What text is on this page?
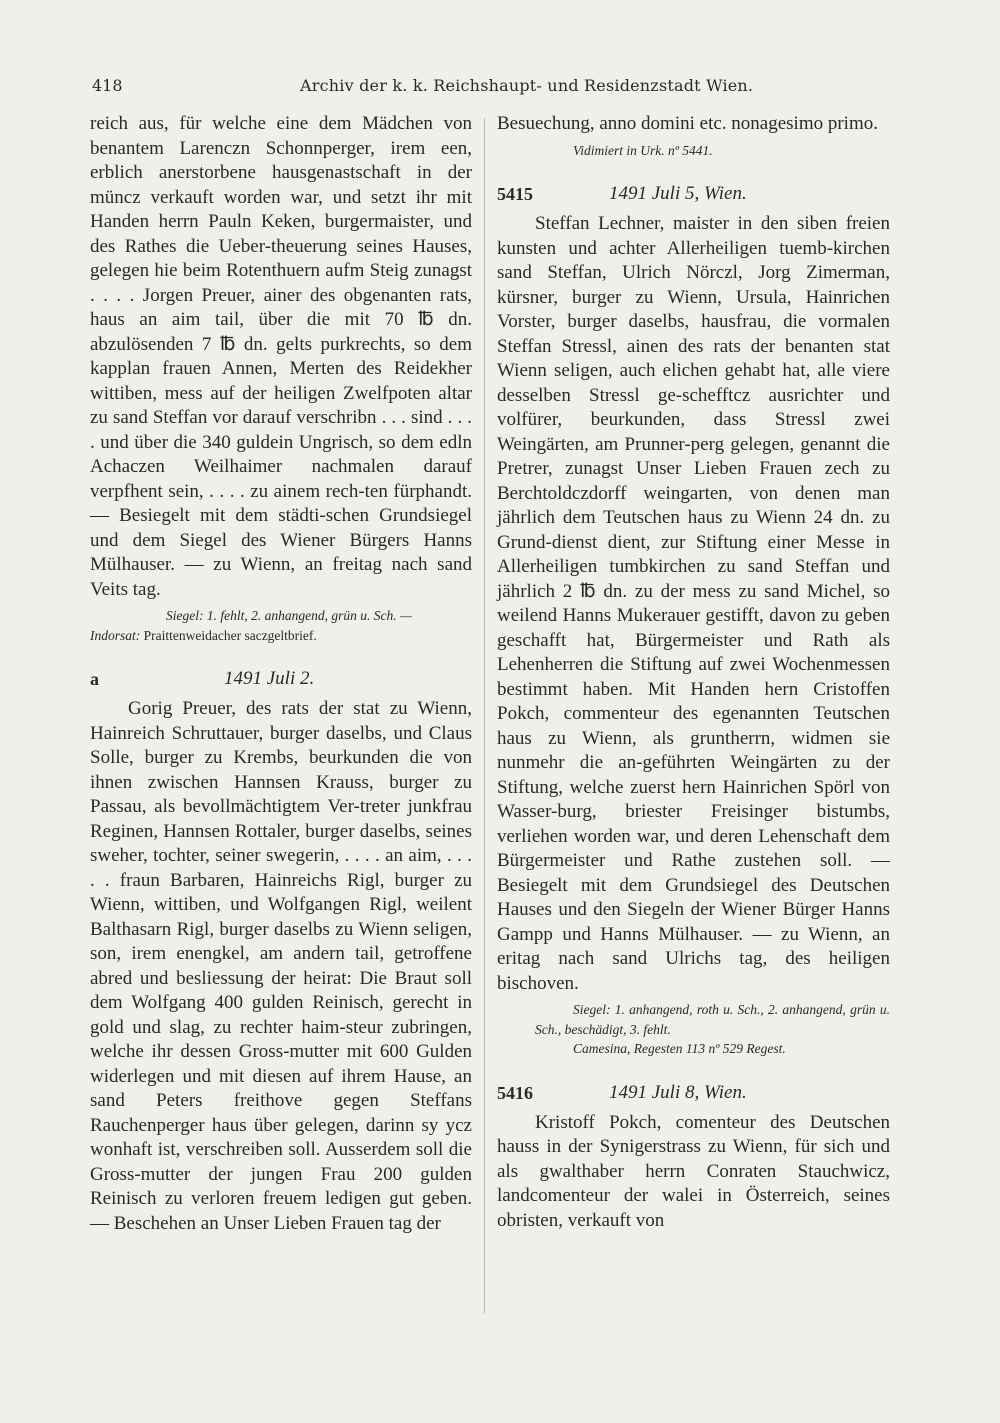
418	Archiv der k. k. Reichshaupt- und Residenzstadt Wien.

reich aus, für welche eine dem Mädchen von benantem Larenczn Schonnperger, irem een, erblich anerstorbene hausgenastschaft in der müncz verkauft worden war, und setzt ihr mit Handen herrn Pauln Keken, burgermaister, und des Rathes die Ueber-theuerung seines Hauses, gelegen hie beim Rotenthuern aufm Steig zunagst . . . . Jorgen Preuer, ainer des obgenanten rats, haus an aim tail, über die mit 70 ℔ dn. abzulösenden 7 ℔ dn. gelts purkrechts, so dem kapplan frauen Annen, Merten des Reidekher wittiben, mess auf der heiligen Zwelfpoten altar zu sand Steffan vor darauf verschribn . . . sind . . . . und über die 340 guldein Ungrisch, so dem edln Achaczen Weilhaimer nachmalen darauf verpfhent sein, . . . . zu ainem rech-ten fürphandt. — Besiegelt mit dem städti-schen Grundsiegel und dem Siegel des Wiener Bürgers Hanns Mülhauser. — zu Wienn, an freitag nach sand Veits tag.

Siegel: 1. fehlt, 2. anhangend, grün u. Sch. —

Indorsat: Praittenweidacher saczgeltbrief.

a	1491 Juli 2.

Gorig Preuer, des rats der stat zu Wienn, Hainreich Schruttauer, burger daselbs, und Claus Solle, burger zu Krembs, beurkunden die von ihnen zwischen Hannsen Krauss, burger zu Passau, als bevollmächtigtem Ver-treter junkfrau Reginen, Hannsen Rottaler, burger daselbs, seines sweher, tochter, seiner swegerin, . . . . an aim, . . . . . fraun Barbaren, Hainreichs Rigl, burger zu Wienn, wittiben, und Wolfgangen Rigl, weilent Balthasarn Rigl, burger daselbs zu Wienn seligen, son, irem enengkel, am andern tail, getroffene abred und besliessung der heirat: Die Braut soll dem Wolfgang 400 gulden Reinisch, gerecht in gold und slag, zu rechter haim-steur zubringen, welche ihr dessen Gross-mutter mit 600 Gulden widerlegen und mit diesen auf ihrem Hause, an sand Peters freithove gegen Steffans Rauchenperger haus über gelegen, darinn sy ycz wonhaft ist, verschreiben soll. Ausserdem soll die Gross-mutter der jungen Frau 200 gulden Reinisch zu verloren freuem ledigen gut geben. — Beschehen an Unser Lieben Frauen tag der

Besuechung, anno domini etc. nonagesimo primo.

Vidimiert in Urk. nº 5441.

5415	1491 Juli 5, Wien.

Steffan Lechner, maister in den siben freien kunsten und achter Allerheiligen tuemb-kirchen sand Steffan, Ulrich Nörczl, Jorg Zimerman, kürsner, burger zu Wienn, Ursula, Hainrichen Vorster, burger daselbs, hausfrau, die vormalen Steffan Stressl, ainen des rats der benanten stat Wienn seligen, auch elichen gehabt hat, alle viere desselben Stressl ge-schefftcz ausrichter und volfürer, beurkunden, dass Stressl zwei Weingärten, am Prunner-perg gelegen, genannt die Pretrer, zunagst Unser Lieben Frauen zech zu Berchtoldczdorff weingarten, von denen man jährlich dem Teutschen haus zu Wienn 24 dn. zu Grund-dienst dient, zur Stiftung einer Messe in Allerheiligen tumbkirchen zu sand Steffan und jährlich 2 ℔ dn. zu der mess zu sand Michel, so weilend Hanns Mukerauer gestifft, davon zu geben geschafft hat, Bürgermeister und Rath als Lehenherren die Stiftung auf zwei Wochenmessen bestimmt haben. Mit Handen hern Cristoffen Pokch, commenteur des egenannten Teutschen haus zu Wienn, als gruntherrn, widmen sie nunmehr die an-geführten Weingärten zu der Stiftung, welche zuerst hern Hainrichen Spörl von Wasser-burg, briester Freisinger bistumbs, verliehen worden war, und deren Lehenschaft dem Bürgermeister und Rathe zustehen soll. — Besiegelt mit dem Grundsiegel des Deutschen Hauses und den Siegeln der Wiener Bürger Hanns Gampp und Hanns Mülhauser. — zu Wienn, an eritag nach sand Ulrichs tag, des heiligen bischoven.

Siegel: 1. anhangend, roth u. Sch., 2. anhangend, grün u. Sch., beschädigt, 3. fehlt.

Camesina, Regesten 113 nº 529 Regest.

5416	1491 Juli 8, Wien.

Kristoff Pokch, comenteur des Deutschen hauss in der Synigerstrass zu Wienn, für sich und als gwalthaber herrn Conraten Stauchwicz, landcomenteur der walei in Österreich, seines obristen, verkauft von
